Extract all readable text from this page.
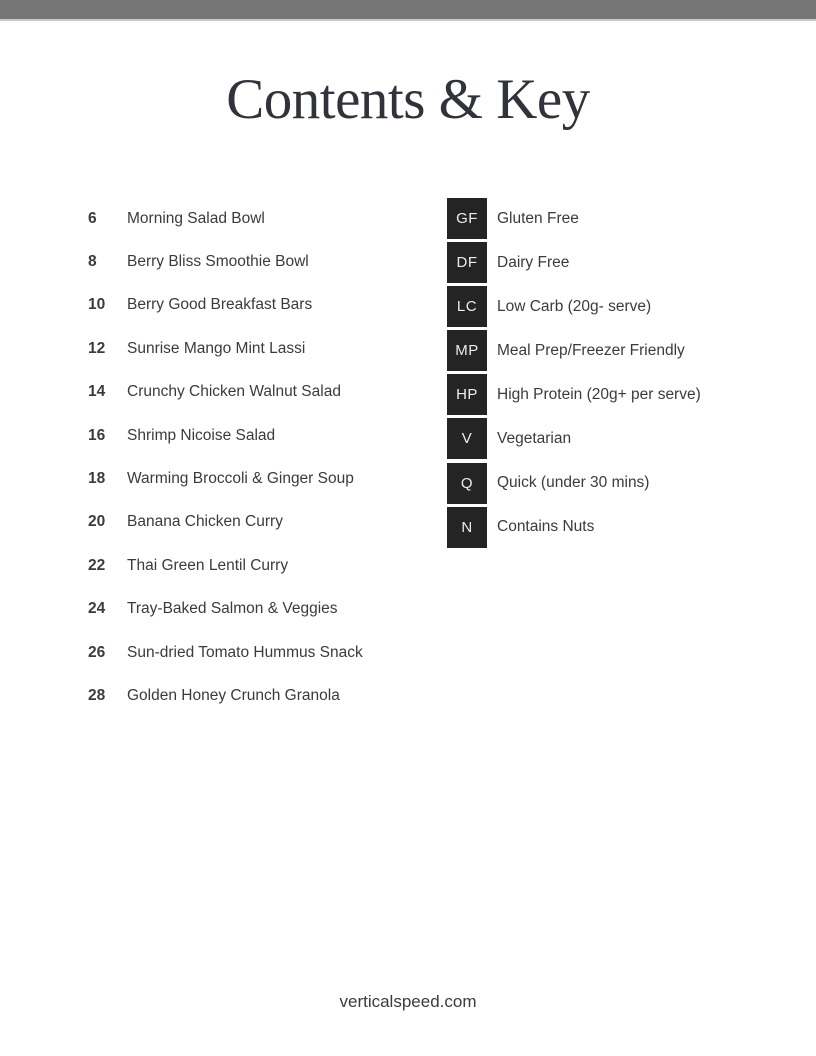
Contents & Key
6	Morning Salad Bowl
8	Berry Bliss Smoothie Bowl
10	Berry Good Breakfast Bars
12	Sunrise Mango Mint Lassi
14	Crunchy Chicken Walnut Salad
16	Shrimp Nicoise Salad
18	Warming Broccoli & Ginger Soup
20	Banana Chicken Curry
22	Thai Green Lentil Curry
24	Tray-Baked Salmon & Veggies
26	Sun-dried Tomato Hummus Snack
28	Golden Honey Crunch Granola
GF	Gluten Free
DF	Dairy Free
LC	Low Carb (20g- serve)
MP	Meal Prep/Freezer Friendly
HP	High Protein (20g+ per serve)
V	Vegetarian
Q	Quick (under 30 mins)
N	Contains Nuts
verticalspeed.com
